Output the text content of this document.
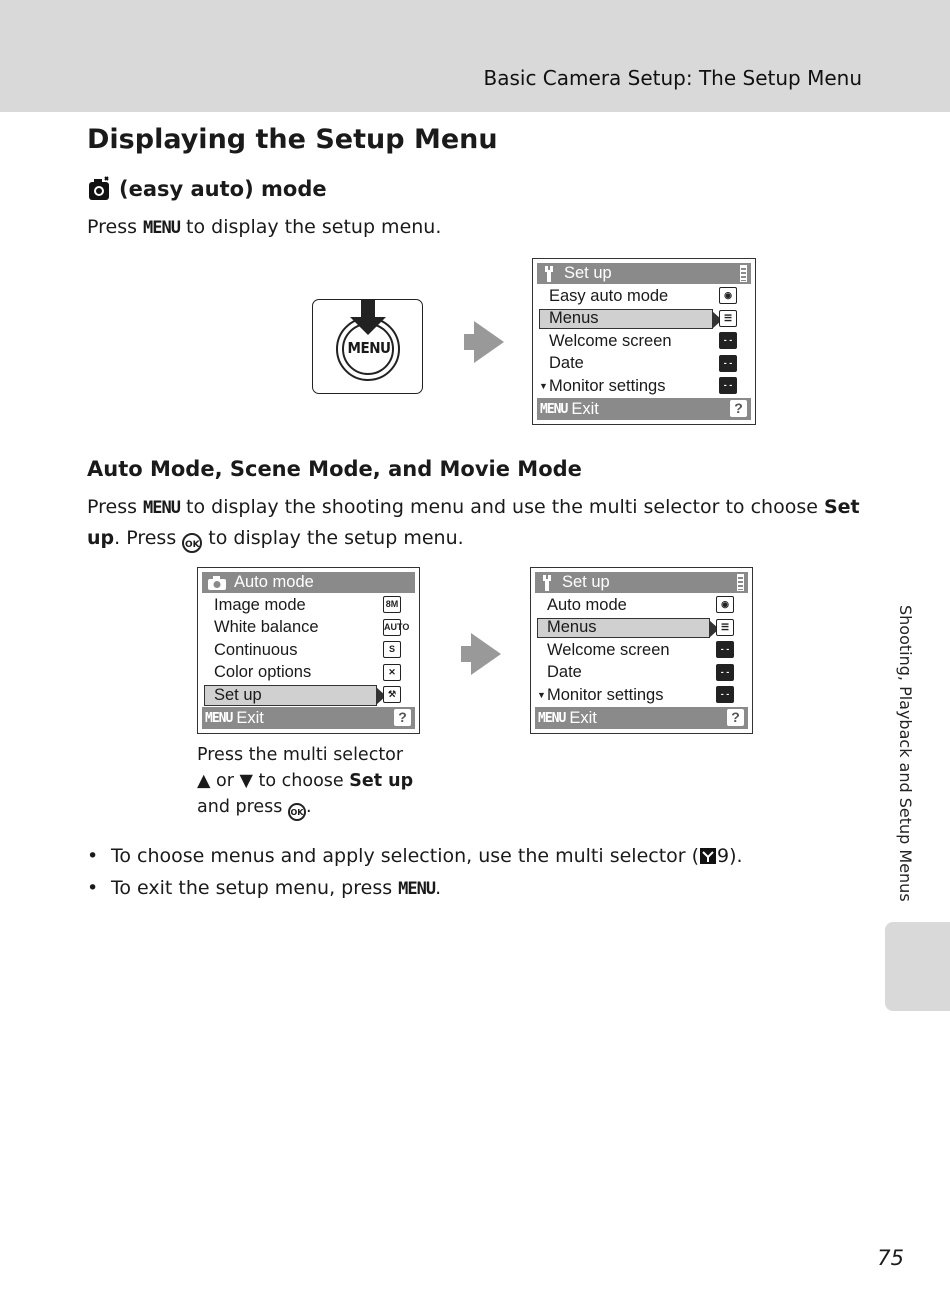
Basic Camera Setup: The Setup Menu
Displaying the Setup Menu
(easy auto) mode
Press MENU to display the setup menu.
MENU
Set up
Easy auto mode	◉
Menus	☰
Welcome screen	- -
Date	- -
▼ Monitor settings	- -
MENU Exit	?
Auto Mode, Scene Mode, and Movie Mode
Press MENU to display the shooting menu and use the multi selector to choose Set up. Press OK to display the setup menu.
Auto mode
Image mode	8M
White balance	AUTO
Continuous	S
Color options	✕
Set up	⚒
MENU Exit	?
Set up
Auto mode	◉
Menus	☰
Welcome screen	- -
Date	- -
▼ Monitor settings	- -
MENU Exit	?
Press the multi selector
▲ or ▼ to choose Set up
and press OK .
• To choose menus and apply selection, use the multi selector ( 9).
• To exit the setup menu, press MENU.	Shooting, Playback and Setup Menus
75
